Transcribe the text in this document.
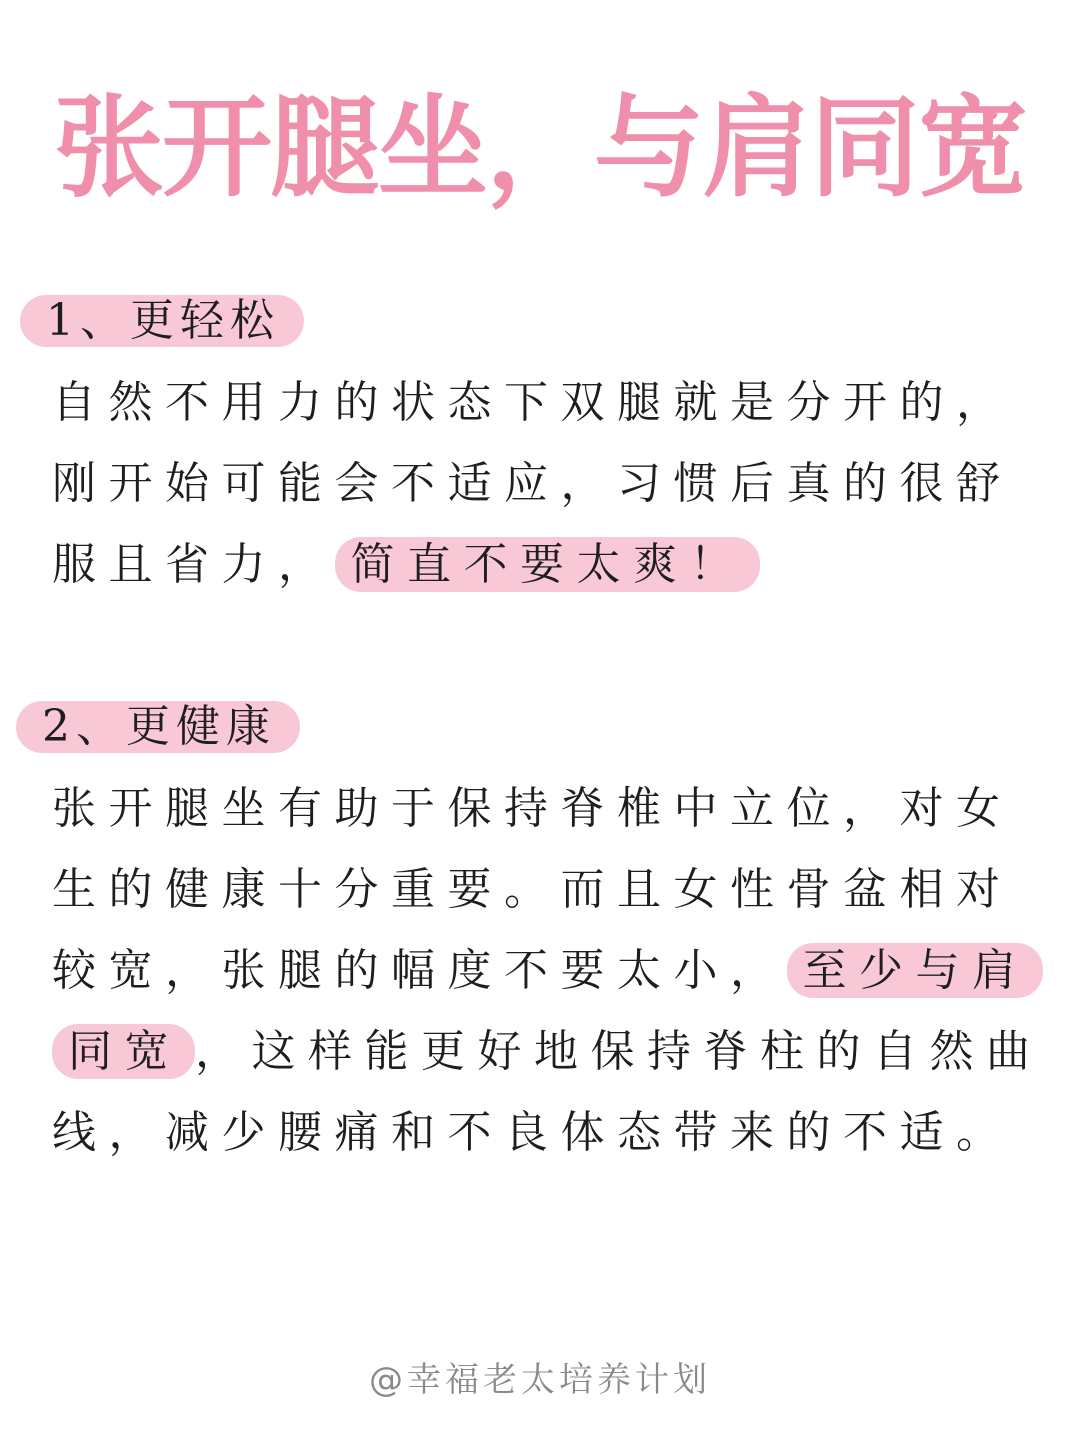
张开腿坐，与肩同宽
1、更轻松
自然不用力的状态下双腿就是分开的，刚开始可能会不适应，习惯后真的很舒服且省力， 简直不要太爽！
2、更健康
张开腿坐有助于保持脊椎中立位，对女生的健康十分重要。而且女性骨盆相对较宽，张腿的幅度不要太小， 至少与肩同宽 ，这样能更好地保持脊柱的自然曲线，减少腰痛和不良体态带来的不适。
@幸福老太培养计划
